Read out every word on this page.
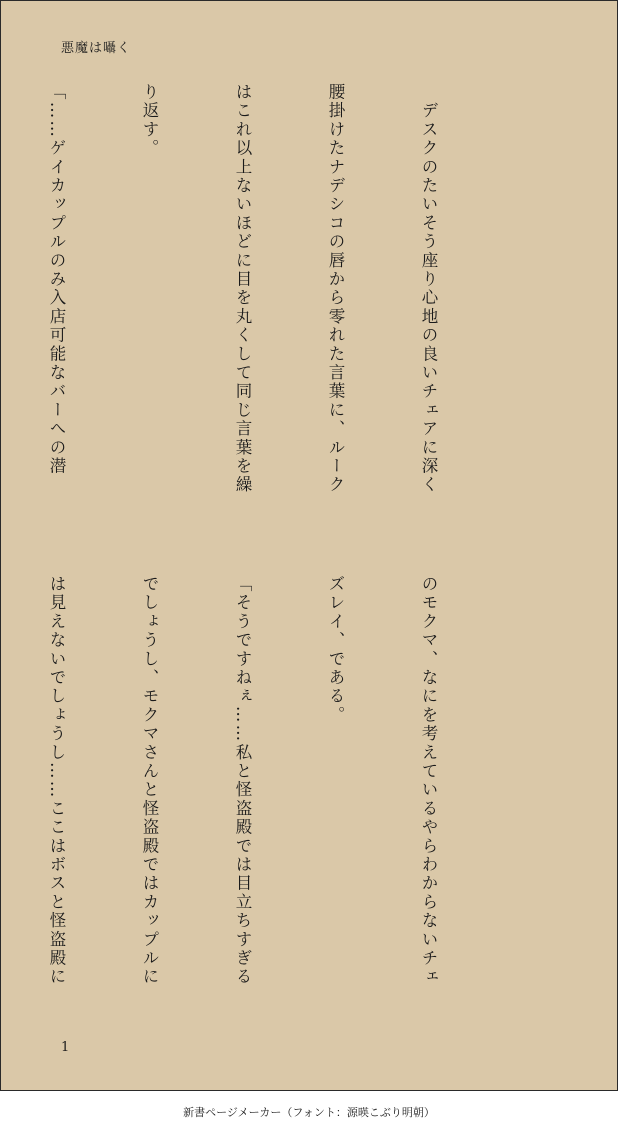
悪魔は囁く

　デスクのたいそう座り心地の良いチェアに深く

腰掛けたナデシコの唇から零れた言葉に、ルーク

はこれ以上ないほどに目を丸くして同じ言葉を繰

り返す。

「……ゲイカップルのみ入店可能なバーへの潜

のモクマ、なにを考えているやらわからないチェ

ズレイ、である。

「そうですねぇ……私と怪盗殿では目立ちすぎる

でしょうし、モクマさんと怪盗殿ではカップルに

は見えないでしょうし……ここはボスと怪盗殿に

1
新書ページメーカー（フォント：源暎こぶり明朝）
